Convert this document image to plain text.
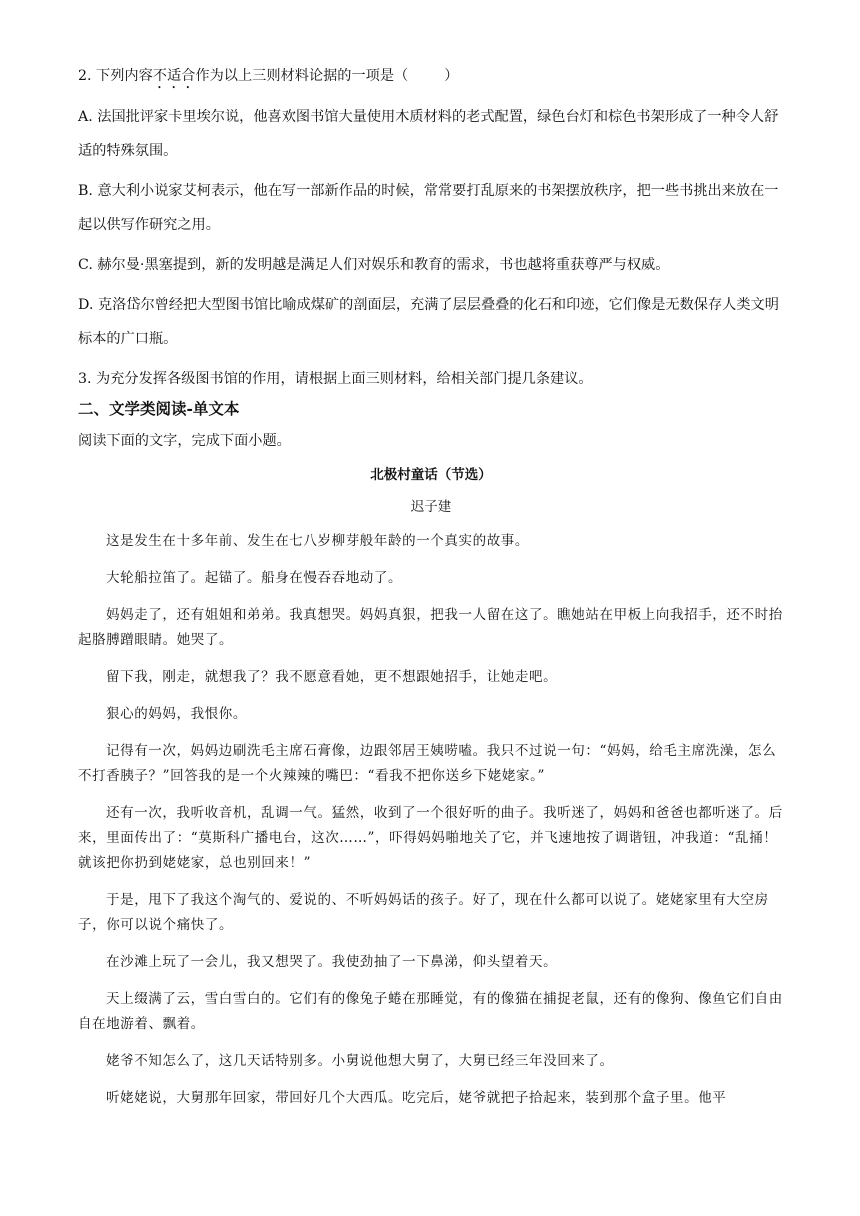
2. 下列内容不适合作为以上三则材料论据的一项是（	）

A. 法国批评家卡里埃尔说，他喜欢图书馆大量使用木质材料的老式配置，绿色台灯和棕色书架形成了一种令人舒适的特殊氛围。

B. 意大利小说家艾柯表示，他在写一部新作品的时候，常常要打乱原来的书架摆放秩序，把一些书挑出来放在一起以供写作研究之用。

C. 赫尔曼·黑塞提到，新的发明越是满足人们对娱乐和教育的需求，书也越将重获尊严与权威。

D. 克洛岱尔曾经把大型图书馆比喻成煤矿的剖面层，充满了层层叠叠的化石和印迹，它们像是无数保存人类文明标本的广口瓶。

3. 为充分发挥各级图书馆的作用，请根据上面三则材料，给相关部门提几条建议。

二、文学类阅读-单文本

阅读下面的文字，完成下面小题。

北极村童话（节选）
迟子建

这是发生在十多年前、发生在七八岁柳芽般年龄的一个真实的故事。

大轮船拉笛了。起锚了。船身在慢吞吞地动了。

妈妈走了，还有姐姐和弟弟。我真想哭。妈妈真狠，把我一人留在这了。瞧她站在甲板上向我招手，还不时抬起胳膊蹭眼睛。她哭了。

留下我，刚走，就想我了？我不愿意看她，更不想跟她招手，让她走吧。

狠心的妈妈，我恨你。

记得有一次，妈妈边刷洗毛主席石膏像，边跟邻居王姨唠嗑。我只不过说一句：“妈妈，给毛主席洗澡，怎么不打香胰子？”回答我的是一个火辣辣的嘴巴：“看我不把你送乡下姥姥家。”

还有一次，我听收音机，乱调一气。猛然，收到了一个很好听的曲子。我听迷了，妈妈和爸爸也都听迷了。后来，里面传出了：“莫斯科广播电台，这次……”，吓得妈妈啪地关了它，并飞速地按了调谐钮，冲我道：“乱捅！就该把你扔到姥姥家，总也别回来！”

于是，甩下了我这个淘气的、爱说的、不听妈妈话的孩子。好了，现在什么都可以说了。姥姥家里有大空房子，你可以说个痛快了。

在沙滩上玩了一会儿，我又想哭了。我使劲抽了一下鼻涕，仰头望着天。

天上缀满了云，雪白雪白的。它们有的像兔子蜷在那睡觉，有的像猫在捕捉老鼠，还有的像狗、像鱼它们自由自在地游着、飘着。

姥爷不知怎么了，这几天话特别多。小舅说他想大舅了，大舅已经三年没回来了。

听姥姥说，大舅那年回家，带回好几个大西瓜。吃完后，姥爷就把子拾起来，装到那个盒子里。他平
